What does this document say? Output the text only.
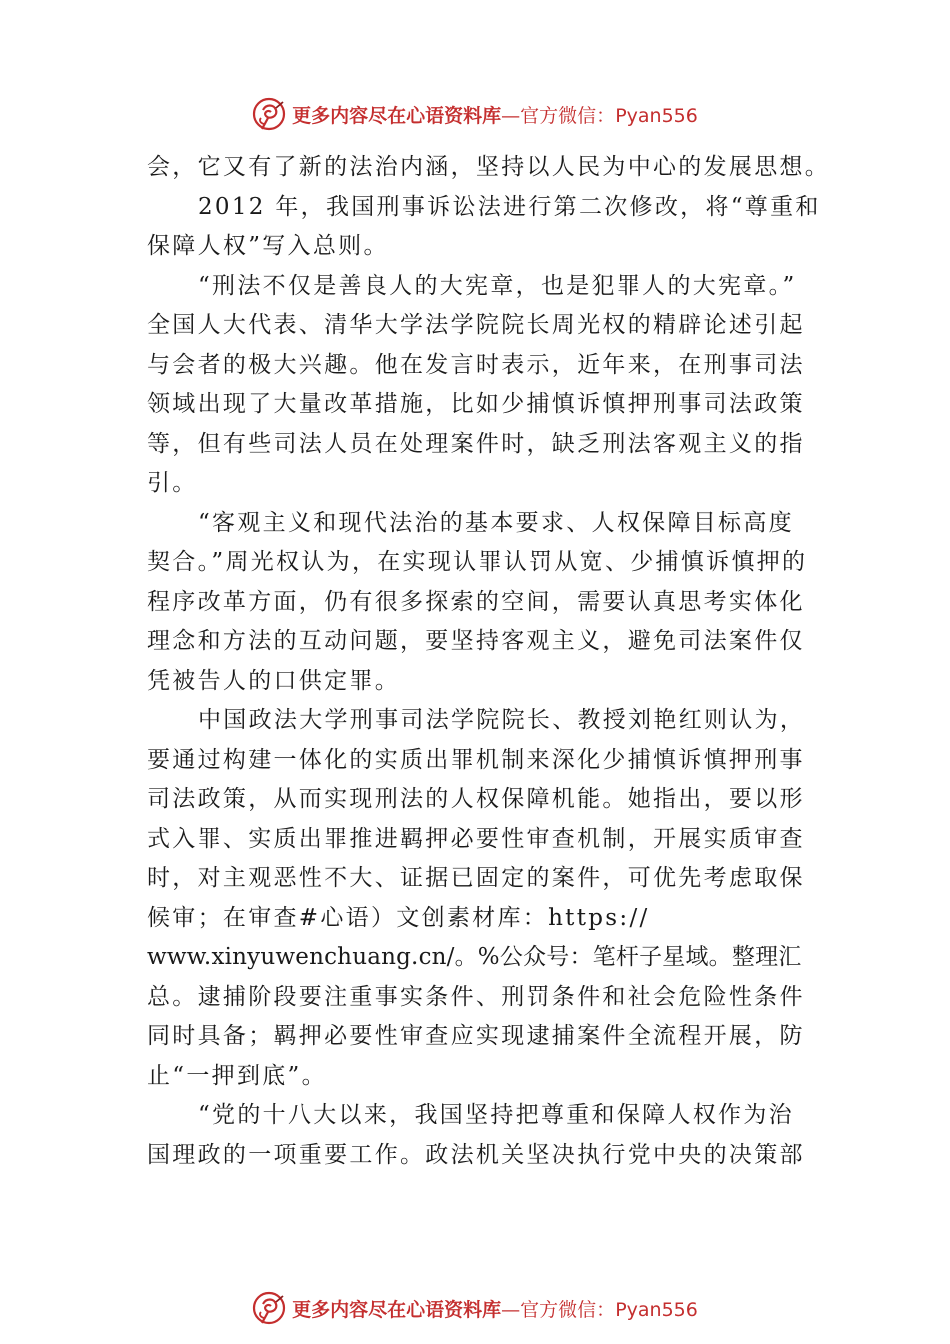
更多内容尽在心语资料库—官方微信：Pyan556

会，它又有了新的法治内涵，坚持以人民为中心的发展思想。

2012 年，我国刑事诉讼法进行第二次修改，将“尊重和
保障人权”写入总则。

“刑法不仅是善良人的大宪章，也是犯罪人的大宪章。”
全国人大代表、清华大学法学院院长周光权的精辟论述引起
与会者的极大兴趣。他在发言时表示，近年来，在刑事司法
领域出现了大量改革措施，比如少捕慎诉慎押刑事司法政策
等，但有些司法人员在处理案件时，缺乏刑法客观主义的指
引。

“客观主义和现代法治的基本要求、人权保障目标高度
契合。”周光权认为，在实现认罪认罚从宽、少捕慎诉慎押的
程序改革方面，仍有很多探索的空间，需要认真思考实体化
理念和方法的互动问题，要坚持客观主义，避免司法案件仅
凭被告人的口供定罪。

中国政法大学刑事司法学院院长、教授刘艳红则认为，
要通过构建一体化的实质出罪机制来深化少捕慎诉慎押刑事
司法政策，从而实现刑法的人权保障机能。她指出，要以形
式入罪、实质出罪推进羁押必要性审查机制，开展实质审查
时，对主观恶性不大、证据已固定的案件，可优先考虑取保
候审；在审查#心语）文创素材库：https://
www.xinyuwenchuang.cn/。%公众号：笔杆子星域。整理汇
总。逮捕阶段要注重事实条件、刑罚条件和社会危险性条件
同时具备；羁押必要性审查应实现逮捕案件全流程开展，防
止“一押到底”。

“党的十八大以来，我国坚持把尊重和保障人权作为治
国理政的一项重要工作。政法机关坚决执行党中央的决策部

更多内容尽在心语资料库—官方微信：Pyan556
